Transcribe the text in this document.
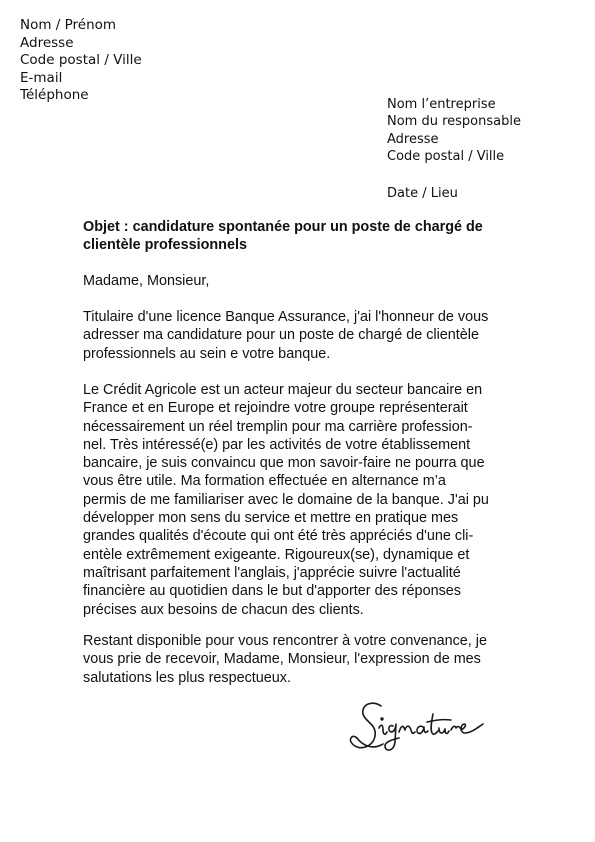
Nom / Prénom
Adresse
Code postal / Ville
E-mail
Téléphone
Nom l’entreprise
Nom du responsable
Adresse
Code postal / Ville
Date / Lieu
Objet : candidature spontanée pour un poste de chargé de
clientèle professionnels
Madame, Monsieur,
Titulaire d'une licence Banque Assurance, j'ai l'honneur de vous
adresser ma candidature pour un poste de chargé de clientèle
professionnels au sein e votre banque.
Le Crédit Agricole est un acteur majeur du secteur bancaire en
France et en Europe et rejoindre votre groupe représenterait
nécessairement un réel tremplin pour ma carrière profession-
nel. Très intéressé(e) par les activités de votre établissement
bancaire, je suis convaincu que mon savoir-faire ne pourra que
vous être utile. Ma formation effectuée en alternance m’a
permis de me familiariser avec le domaine de la banque. J'ai pu
développer mon sens du service et mettre en pratique mes
grandes qualités d'écoute qui ont été très appréciés d'une cli-
entèle extrêmement exigeante. Rigoureux(se), dynamique et
maîtrisant parfaitement l'anglais, j'apprécie suivre l'actualité
financière au quotidien dans le but d'apporter des réponses
précises aux besoins de chacun des clients.
Restant disponible pour vous rencontrer à votre convenance, je
vous prie de recevoir, Madame, Monsieur, l'expression de mes
salutations les plus respectueux.
